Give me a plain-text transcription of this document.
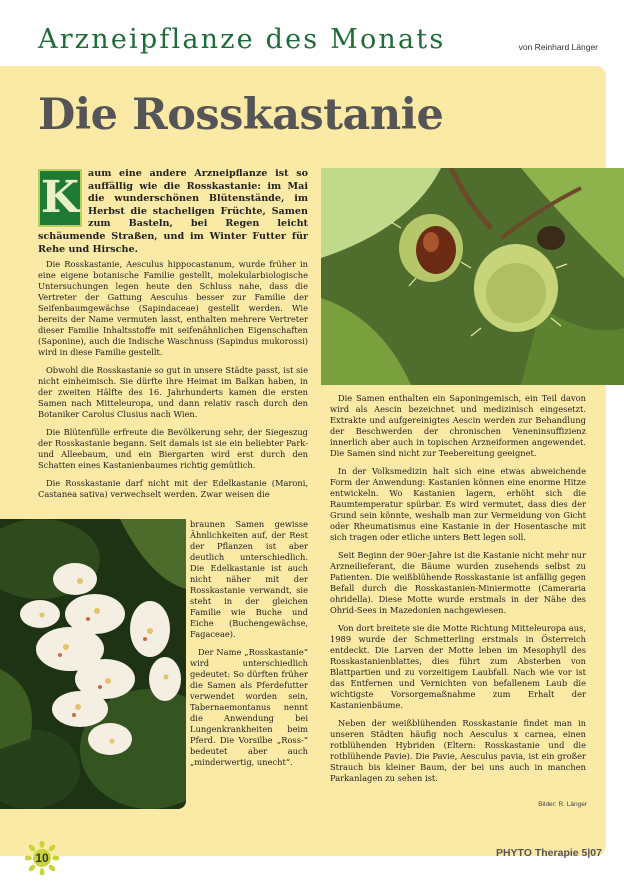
Arzneipflanze des Monats	von Reinhard Länger
Die Rosskastanie
K aum eine andere Arzneipflanze ist so auffällig wie die Rosskastanie: im Mai die wunderschönen Blütenstände, im Herbst die stacheligen Früchte, Samen zum Basteln, bei Regen leicht schäumende Straßen, und im Winter Futter für Rehe und Hirsche.

Die Rosskastanie, Aesculus hippocastanum, wurde früher in eine eigene botanische Familie gestellt, molekularbiologische Untersuchungen legen heute den Schluss nahe, dass die Vertreter der Gattung Aesculus besser zur Familie der Seifenbaumgewächse (Sapindaceae) gestellt werden. Wie bereits der Name vermuten lasst, enthalten mehrere Vertreter dieser Familie Inhaltsstoffe mit seifenähnlichen Eigenschaften (Saponine), auch die Indische Waschnuss (Sapindus mukorossi) wird in diese Familie gestellt.

Obwohl die Rosskastanie so gut in unsere Städte passt, ist sie nicht einheimisch. Sie dürfte ihre Heimat im Balkan haben, in der zweiten Hälfte des 16. Jahrhunderts kamen die ersten Samen nach Mitteleuropa, und dann relativ rasch durch den Botaniker Carolus Clusius nach Wien.

Die Blütenfülle erfreute die Bevölkerung sehr, der Siegeszug der Rosskastanie begann. Seit damals ist sie ein beliebter Park- und Alleebaum, und ein Biergarten wird erst durch den Schatten eines Kastanienbaumes richtig gemütlich.

Die Rosskastanie darf nicht mit der Edelkastanie (Maroni, Castanea sativa) verwechselt werden. Zwar weisen die

braunen Samen gewisse Ähnlichkeiten auf, der Rest der Pflanzen ist aber deutlich unterschiedlich. Die Edelkastanie ist auch nicht näher mit der Rosskastanie verwandt, sie steht in der gleichen Familie wie Buche und Eiche (Buchengewächse, Fagaceae).

Der Name „Rosskastanie“ wird unterschiedlich gedeutet: So dürften früher die Samen als Pferdefutter verwendet worden sein, Tabernaemontanus nennt die Anwendung bei Lungenkrankheiten beim Pferd. Die Vorsilbe „Ross-“ bedeutet aber auch „minderwertig, unecht“.

Die Samen enthalten ein Saponingemisch, ein Teil davon wird als Aescin bezeichnet und medizinisch eingesetzt. Extrakte und aufgereinigtes Aescin werden zur Behandlung der Beschwerden der chronischen Veneninsuffizienz innerlich aber auch in topischen Arzneiformen angewendet. Die Samen sind nicht zur Teebereitung geeignet.

In der Volksmedizin halt sich eine etwas abweichende Form der Anwendung: Kastanien können eine enorme Hitze entwickeln. Wo Kastanien lagern, erhöht sich die Raumtemperatur spürbar. Es wird vermutet, dass dies der Grund sein könnte, weshalb man zur Vermeidung von Gicht oder Rheumatismus eine Kastanie in der Hosentasche mit sich tragen oder etliche unters Bett legen soll.

Seit Beginn der 90er-Jahre ist die Kastanie nicht mehr nur Arzneilieferant, die Bäume wurden zusehends selbst zu Patienten. Die weißblühende Rosskastanie ist anfällig gegen Befall durch die Rosskastanien-Miniermotte (Cameraria ohridella). Diese Motte wurde erstmals in der Nähe des Ohrid-Sees in Mazedonien nachgewiesen.

Von dort breitete sie die Motte Richtung Mitteleuropa aus, 1989 wurde der Schmetterling erstmals in Österreich entdeckt. Die Larven der Motte leben im Mesophyll des Rosskastanienblattes, dies führt zum Absterben von Blattpartien und zu vorzeitigem Laubfall. Nach wie vor ist das Entfernen und Vernichten von befallenem Laub die wichtigste Vorsorgemaßnahme zum Erhalt der Kastanienbäume.

Neben der weißblühenden Rosskastanie findet man in unseren Städten häufig noch Aesculus x carnea, einen rotblühenden Hybriden (Eltern: Rosskastanie und die rotblühende Pavie). Die Pavie, Aesculus pavia, ist ein großer Strauch bis kleiner Baum, der bei uns auch in manchen Parkanlagen zu sehen ist.

Bilder: R. Länger
10	PHYTO Therapie 5|07
